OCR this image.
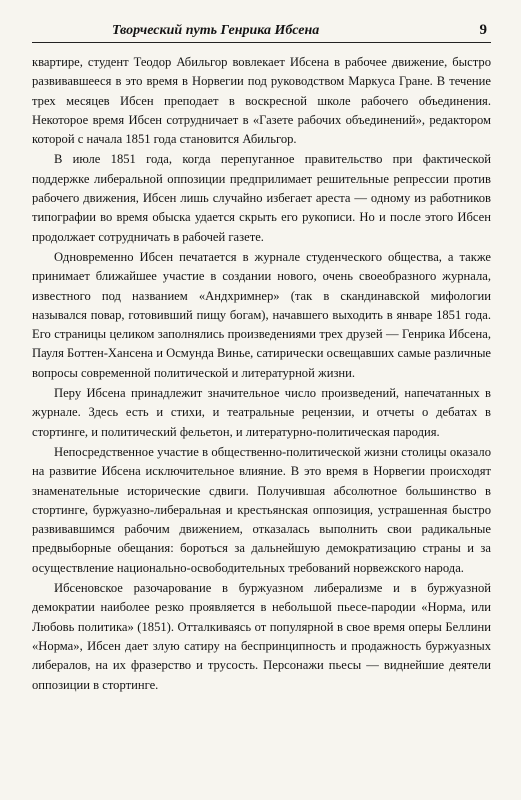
Творческий путь Генрика Ибсена	9

квартире, студент Теодор Абильгор вовлекает Ибсена в рабочее движение, быстро развивавшееся в это время в Норвегии под руководством Маркуса Гране. В течение трех месяцев Ибсен преподает в воскресной школе рабочего объединения. Некоторое время Ибсен сотрудничает в «Газете рабочих объединений», редактором которой с начала 1851 года становится Абильгор.

В июле 1851 года, когда перепуганное правительство при фактической поддержке либеральной оппозиции предприлимает решительные репрессии против рабочего движения, Ибсен лишь случайно избегает ареста — одному из работников типографии во время обыска удается скрыть его рукописи. Но и после этого Ибсен продолжает сотрудничать в рабочей газете.

Одновременно Ибсен печатается в журнале студенческого общества, а также принимает ближайшее участие в создании нового, очень своеобразного журнала, известного под названием «Андхримнер» (так в скандинавской мифологии назывался повар, готовивший пищу богам), начавшего выходить в январе 1851 года. Его страницы целиком заполнялись произведениями трех друзей — Генрика Ибсена, Пауля Боттен-Хансена и Осмунда Винье, сатирически освещавших самые различные вопросы современной политической и литературной жизни.

Перу Ибсена принадлежит значительное число произведений, напечатанных в журнале. Здесь есть и стихи, и театральные рецензии, и отчеты о дебатах в стортинге, и политический фельетон, и литературно-политическая пародия.

Непосредственное участие в общественно-политической жизни столицы оказало на развитие Ибсена исключительное влияние. В это время в Норвегии происходят знаменательные исторические сдвиги. Получившая абсолютное большинство в стортинге, буржуазно-либеральная и крестьянская оппозиция, устрашенная быстро развивавшимся рабочим движением, отказалась выполнить свои радикальные предвыборные обещания: бороться за дальнейшую демократизацию страны и за осуществление национально-освободительных требований норвежского народа.

Ибсеновское разочарование в буржуазном либерализме и в буржуазной демократии наиболее резко проявляется в небольшой пьесе-пародии «Норма, или Любовь политика» (1851). Отталкиваясь от популярной в свое время оперы Беллини «Норма», Ибсен дает злую сатиру на беспринципность и продажность буржуазных либералов, на их фразерство и трусость. Персонажи пьесы — виднейшие деятели оппозиции в стортинге.
